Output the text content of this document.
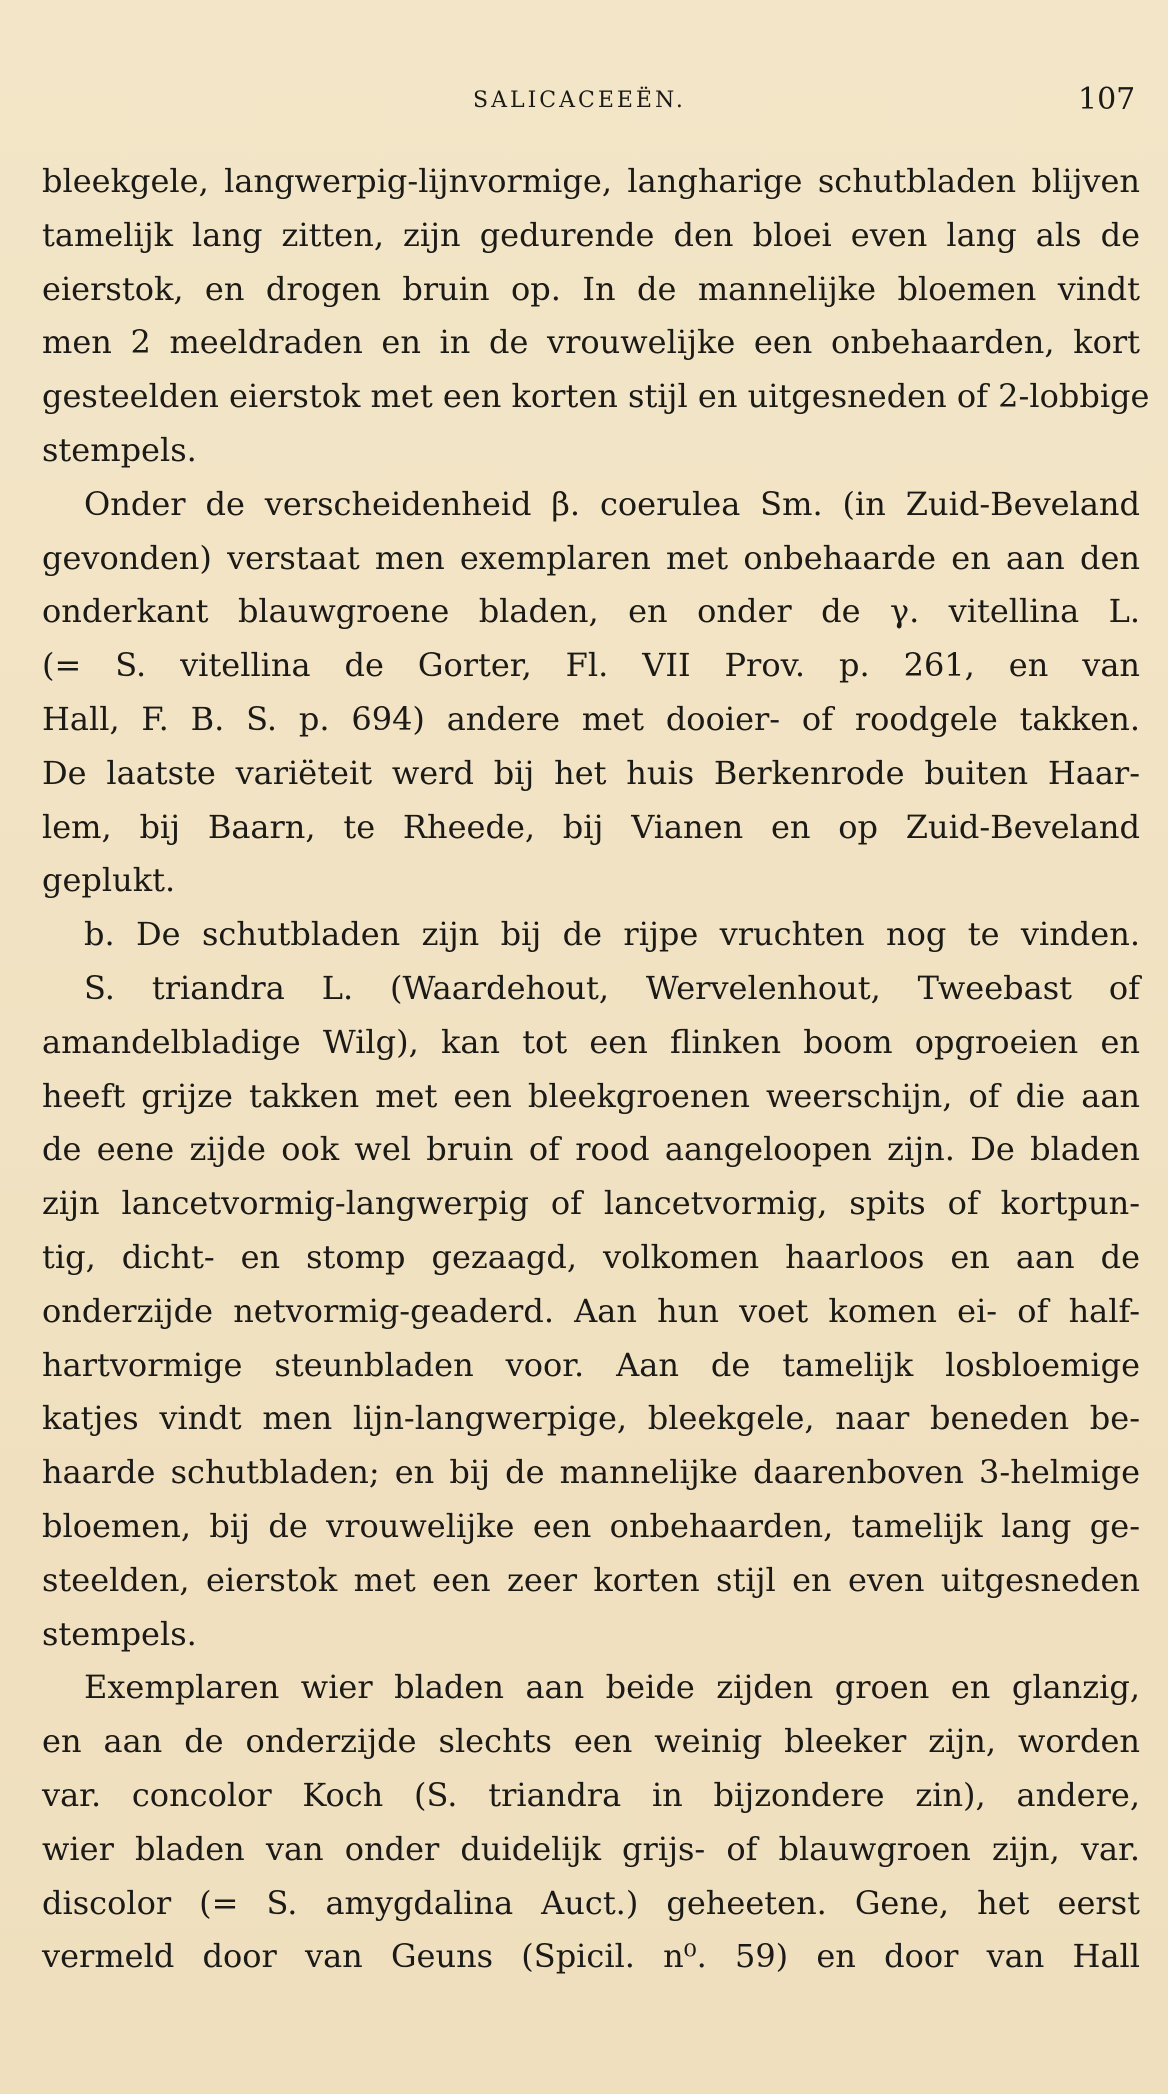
SALICACEEËN.	107
bleekgele, langwerpig-lijnvormige, langharige schutbladen blijven
tamelijk lang zitten, zijn gedurende den bloei even lang als de
eierstok, en drogen bruin op. In de mannelijke bloemen vindt
men 2 meeldraden en in de vrouwelijke een onbehaarden, kort
gesteelden eierstok met een korten stijl en uitgesneden of 2-lobbige
stempels.
Onder de verscheidenheid β. coerulea Sm. (in Zuid-Beveland
gevonden) verstaat men exemplaren met onbehaarde en aan den
onderkant blauwgroene bladen, en onder de γ. vitellina L.
(= S. vitellina de Gorter, Fl. VII Prov. p. 261, en van
Hall, F. B. S. p. 694) andere met dooier- of roodgele takken.
De laatste variëteit werd bij het huis Berkenrode buiten Haar-
lem, bij Baarn, te Rheede, bij Vianen en op Zuid-Beveland
geplukt.
b. De schutbladen zijn bij de rijpe vruchten nog te vinden.
S. triandra L. (Waardehout, Wervelenhout, Tweebast of
amandelbladige Wilg), kan tot een flinken boom opgroeien en
heeft grijze takken met een bleekgroenen weerschijn, of die aan
de eene zijde ook wel bruin of rood aangeloopen zijn. De bladen
zijn lancetvormig-langwerpig of lancetvormig, spits of kortpun-
tig, dicht- en stomp gezaagd, volkomen haarloos en aan de
onderzijde netvormig-geaderd. Aan hun voet komen ei- of half-
hartvormige steunbladen voor. Aan de tamelijk losbloemige
katjes vindt men lijn-langwerpige, bleekgele, naar beneden be-
haarde schutbladen; en bij de mannelijke daarenboven 3-helmige
bloemen, bij de vrouwelijke een onbehaarden, tamelijk lang ge-
steelden, eierstok met een zeer korten stijl en even uitgesneden
stempels.
Exemplaren wier bladen aan beide zijden groen en glanzig,
en aan de onderzijde slechts een weinig bleeker zijn, worden
var. concolor Koch (S. triandra in bijzondere zin), andere,
wier bladen van onder duidelijk grijs- of blauwgroen zijn, var.
discolor (= S. amygdalina Auct.) geheeten. Gene, het eerst
vermeld door van Geuns (Spicil. n⁰. 59) en door van Hall
